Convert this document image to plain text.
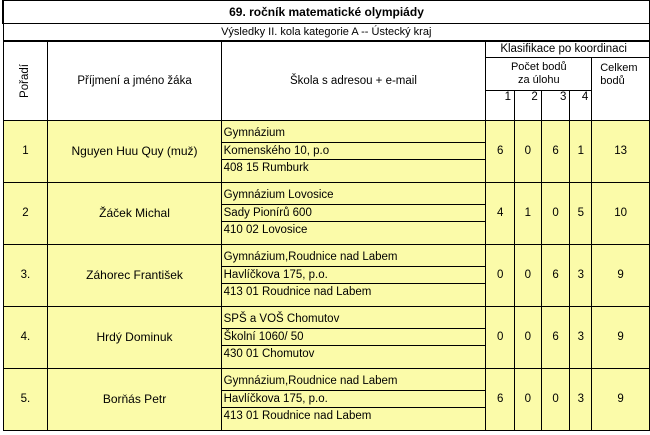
69. ročník matematické olympiády							
Výsledky II. kola kategorie A -- Ústecký kraj							

Pořadí	Příjmení a jméno žáka	Škola s adresou + e-mail	Klasifikace po koordinaci				
			Počet bodů za úlohu				Celkem bodů
			1	2	3	4	
1	Nguyen Huu Quy (muž)	Gymnázium
Komenského 10, p.o
408 15 Rumburk	6	0	6	1	13
2	Žáček Michal	Gymnázium Lovosice
Sady Pionírů 600
410 02 Lovosice	4	1	0	5	10
3.	Záhorec František	Gymnázium,Roudnice nad Labem
Havlíčkova 175, p.o.
413 01 Roudnice nad Labem	0	0	6	3	9
4.	Hrdý Dominuk	SPŠ a VOŠ Chomutov
Školní 1060/ 50
430 01 Chomutov	0	0	6	3	9
5.	Borňás Petr	Gymnázium,Roudnice nad Labem
Havlíčkova 175, p.o.
413 01 Roudnice nad Labem	6	0	0	3	9
